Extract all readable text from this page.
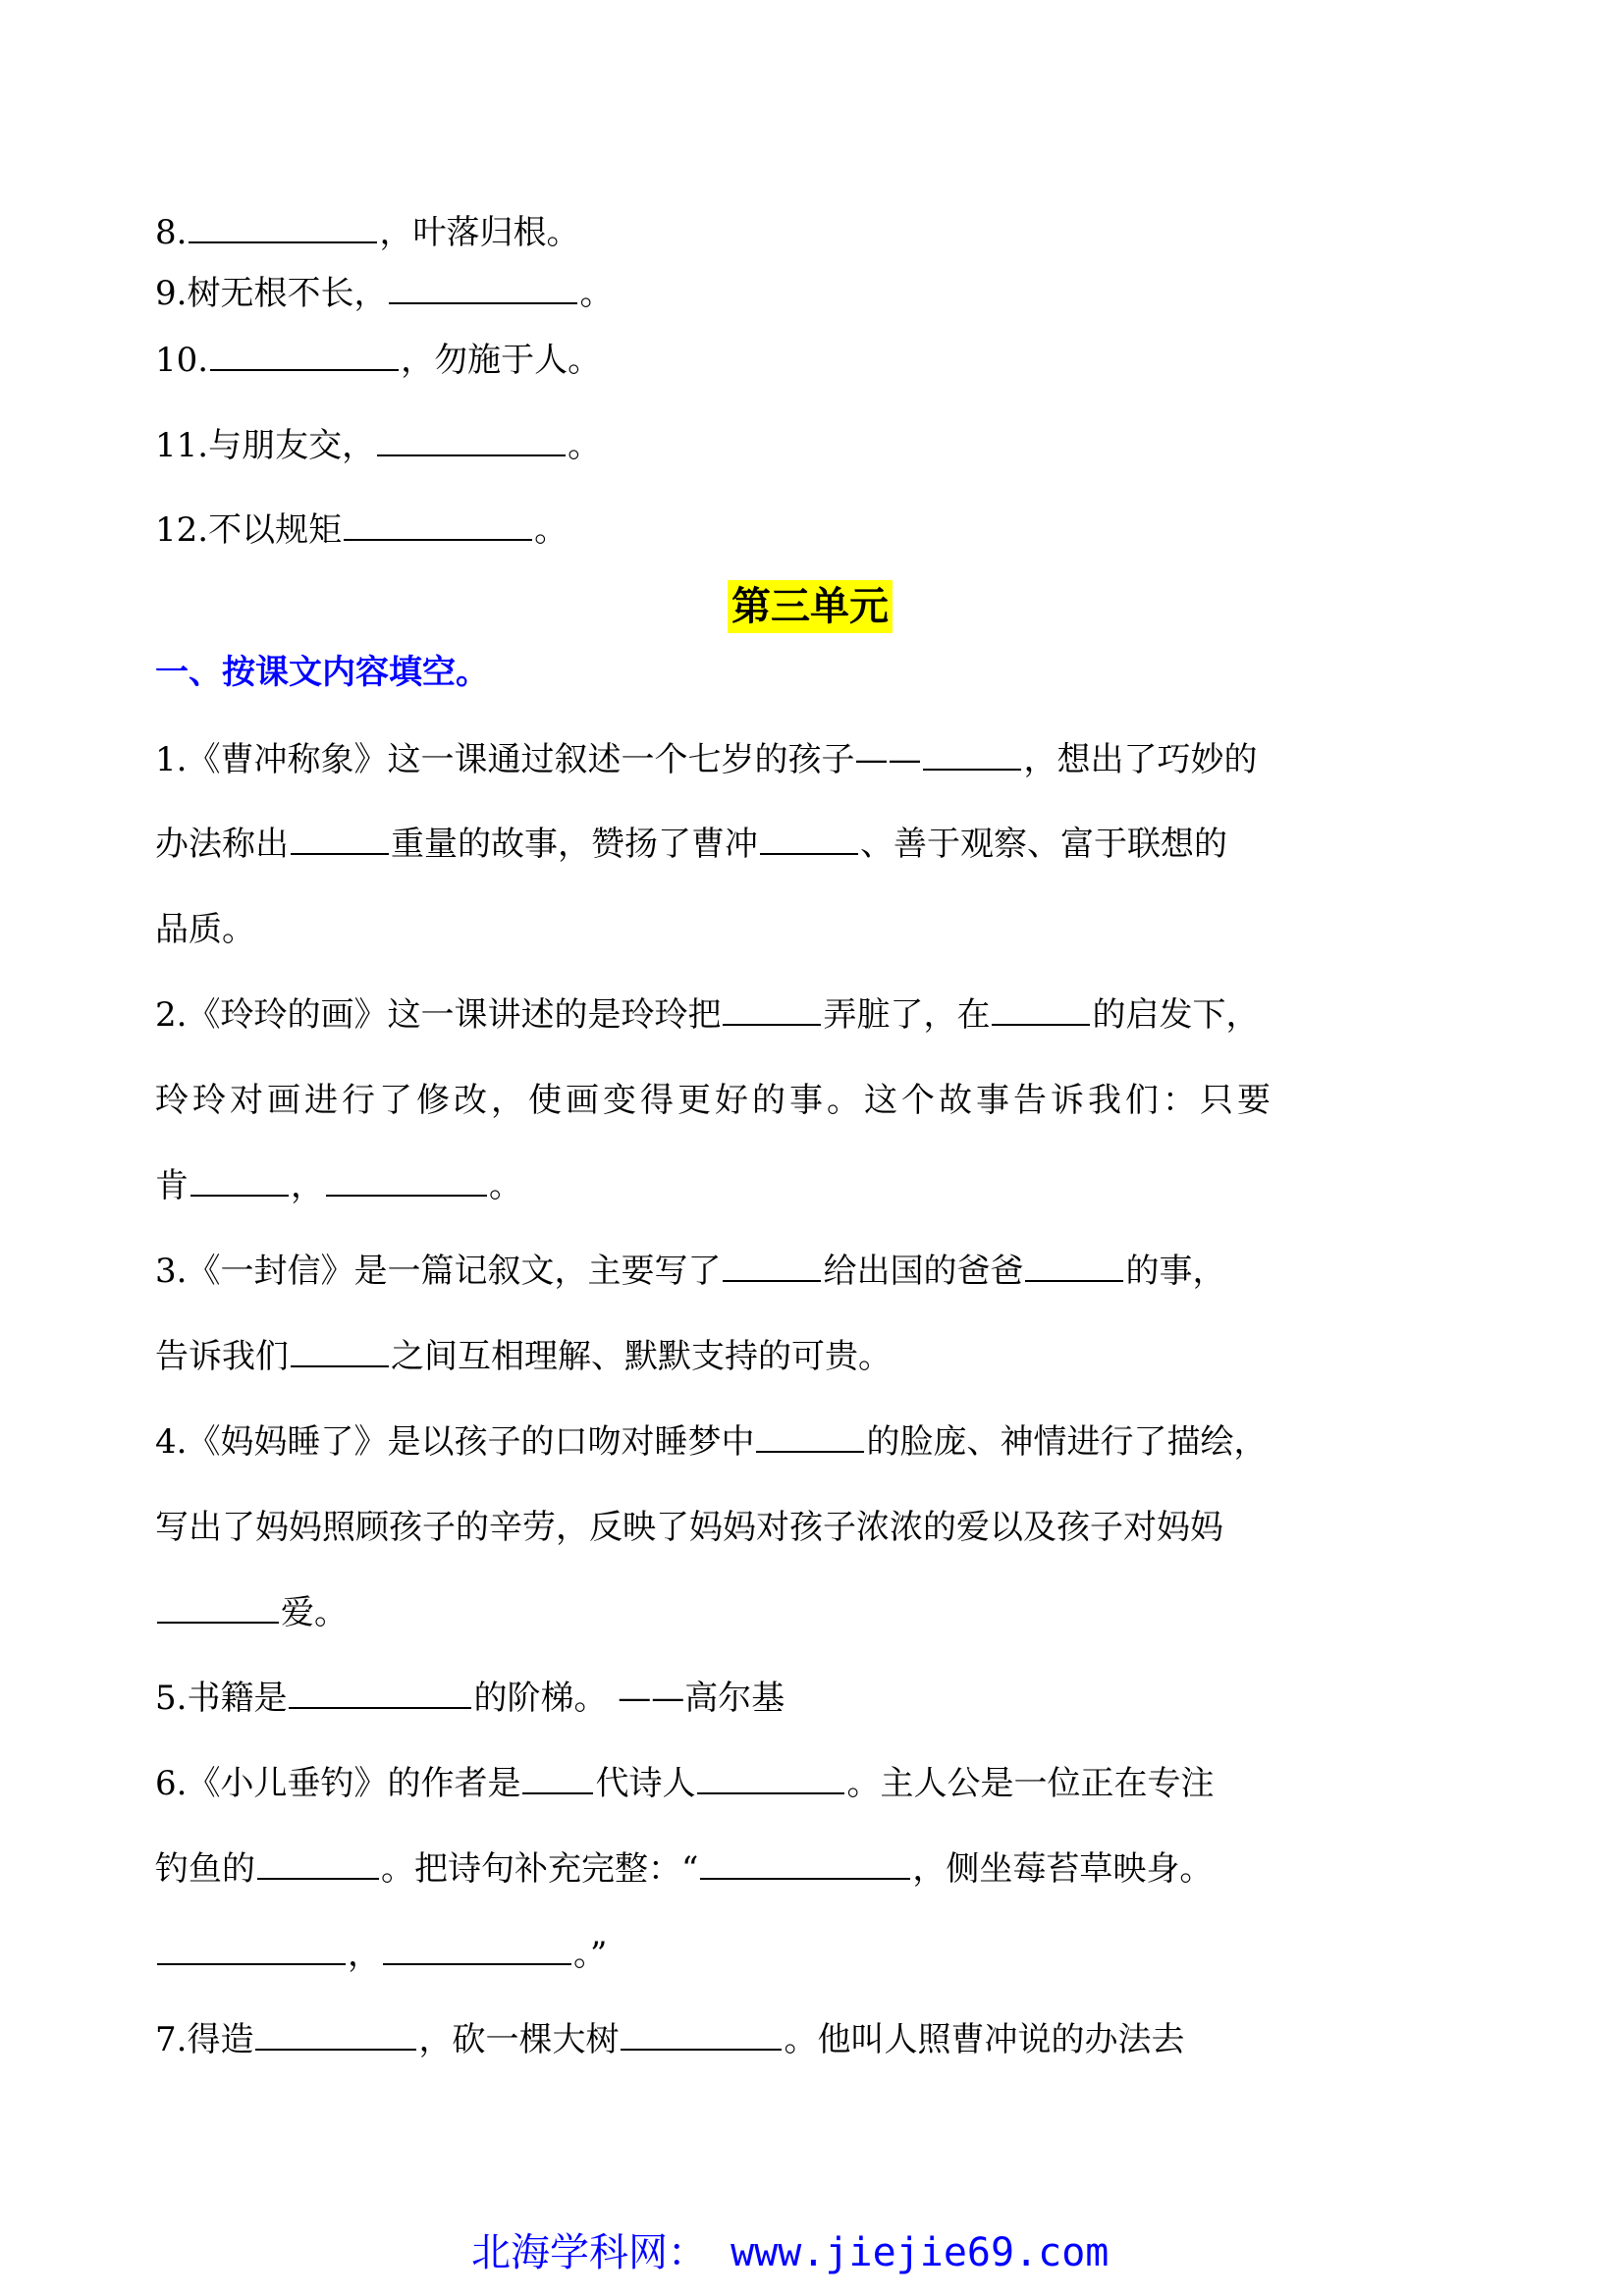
8.	，叶落归根。
9.树无根不长，	。
10.	，勿施于人。
11.与朋友交，	。
12.不以规矩	。
第三单元
一、按课文内容填空。
1.《曹冲称象》这一课通过叙述一个七岁的孩子——	，想出了巧妙的
办法称出	重量的故事，赞扬了曹冲	、善于观察、富于联想的
品质。
2.《玲玲的画》这一课讲述的是玲玲把	弄脏了，在	的启发下，
玲玲对画进行了修改，使画变得更好的事。这个故事告诉我们：只要
肯	，	。
3.《一封信》是一篇记叙文，主要写了	给出国的爸爸	的事，
告诉我们	之间互相理解、默默支持的可贵。
4.《妈妈睡了》是以孩子的口吻对睡梦中	的脸庞、神情进行了描绘，
写出了妈妈照顾孩子的辛劳，反映了妈妈对孩子浓浓的爱以及孩子对妈妈
爱。
5.书籍是	的阶梯。 ——高尔基
6.《小儿垂钓》的作者是 代诗人	。主人公是一位正在专注
钓鱼的	。把诗句补充完整：“	，侧坐莓苔草映身。
，	。”
7.得造	，砍一棵大树	。他叫人照曹冲说的办法去
北海学科网： www.jiejie69.com
